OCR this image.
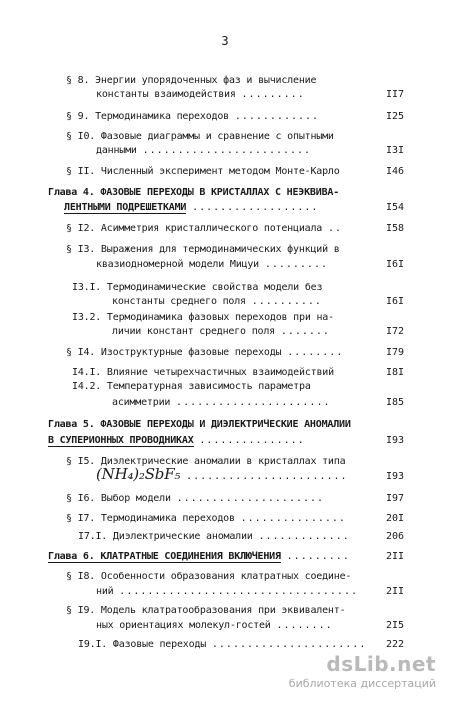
3
§ 8. Энергии упорядоченных фаз и вычисление
константы взаимодействия .........	II7
§ 9. Термодинамика переходов ............	I25
§ I0. Фазовые диаграммы и сравнение с опытными
данными ........................	I3I
§ II. Численный эксперимент методом Монте-Карло	I46
Глава 4. ФАЗОВЫЕ ПЕРЕХОДЫ В КРИСТАЛЛАХ С НЕЭКВИВА-
ЛЕНТНЫМИ ПОДРЕШЕТКАМИ ..................	I54
§ I2. Асимметрия кристаллического потенциала ..	I58
§ I3. Выражения для термодинамических функций в
квазиодномерной модели Мицуи .........	I6I
I3.I. Термодинамические свойства модели без
константы среднего поля ..........	I6I
I3.2. Термодинамика фазовых переходов при на-
личии констант среднего поля .......	I72
§ I4. Изоструктурные фазовые переходы ........	I79
I4.I. Влияние четырехчастичных взаимодействий	I8I
I4.2. Температурная зависимость параметра
асимметрии ......................	I85
Глава 5. ФАЗОВЫЕ ПЕРЕХОДЫ И ДИЭЛЕКТРИЧЕСКИЕ АНОМАЛИИ
В СУПЕРИОННЫХ ПРОВОДНИКАХ ...............	I93
§ I5. Диэлектрические аномалии в кристаллах типа
(NH₄)₂SbF₅ .......................	I93
§ I6. Выбор модели .....................	I97
§ I7. Термодинамика переходов ...............	20I
I7.I. Диэлектрические аномалии .............	206
Глава 6. КЛАТРАТНЫЕ СОЕДИНЕНИЯ ВКЛЮЧЕНИЯ .........	2II
§ I8. Особенности образования клатратных соедине-
ний ..................................	2II
§ I9. Модель клатратообразования при эквивалент-
ных ориентациях молекул-гостей ........	2I5
I9.I. Фазовые переходы ...................... 222
dsLib.net
библиотека диссертаций
